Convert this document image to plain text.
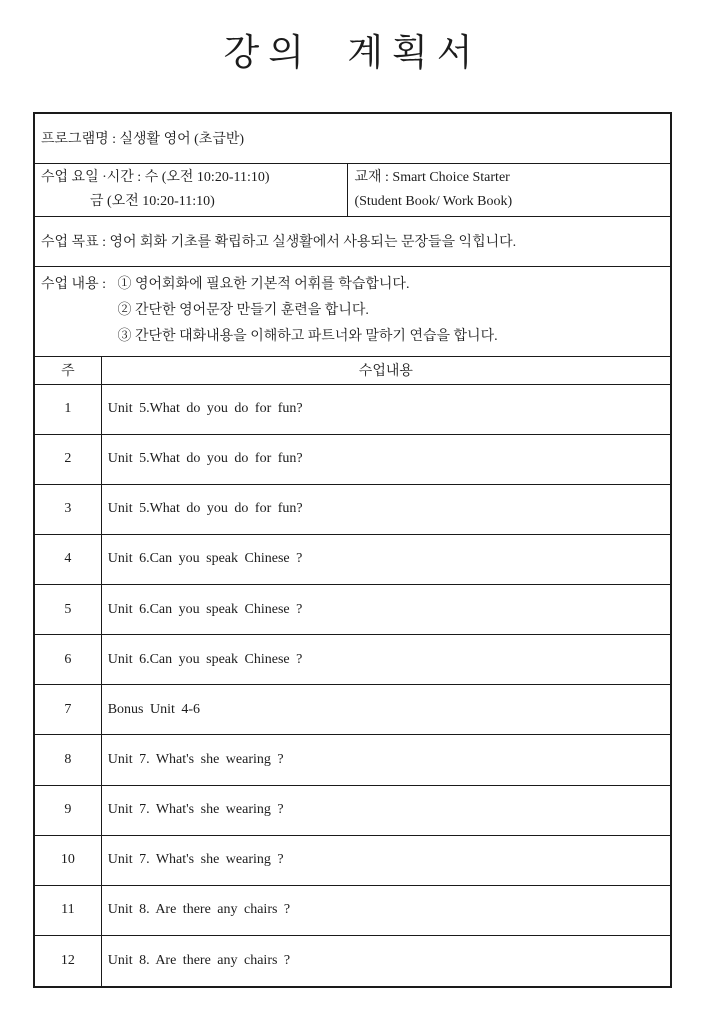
강의 계획서
프로그램명 : 실생활 영어 (초급반)		

수업 요일 ·시간 : 수 (오전 10:20-11:10)
금 (오전 10:20-11:10)

교재 : Smart Choice Starter
(Student Book/ Work Book)

수업 목표 : 영어 회화 기초를 확립하고 실생활에서 사용되는 문장들을 익힙니다.		

수업 내용 : ① 영어회화에 필요한 기본적 어휘를 학습합니다.
② 간단한 영어문장 만들기 훈련을 합니다.
③ 간단한 대화내용을 이해하고 파트너와 말하기 연습을 합니다.		

주	수업내용	
1	Unit 5.What do you do for fun?	
2	Unit 5.What do you do for fun?	
3	Unit 5.What do you do for fun?	
4	Unit 6.Can you speak Chinese ?	
5	Unit 6.Can you speak Chinese ?	
6	Unit 6.Can you speak Chinese ?	
7	Bonus Unit 4-6	
8	Unit 7. What's she wearing ?	
9	Unit 7. What's she wearing ?	
10	Unit 7. What's she wearing ?	
11	Unit 8. Are there any chairs ?	
12	Unit 8. Are there any chairs ?	
